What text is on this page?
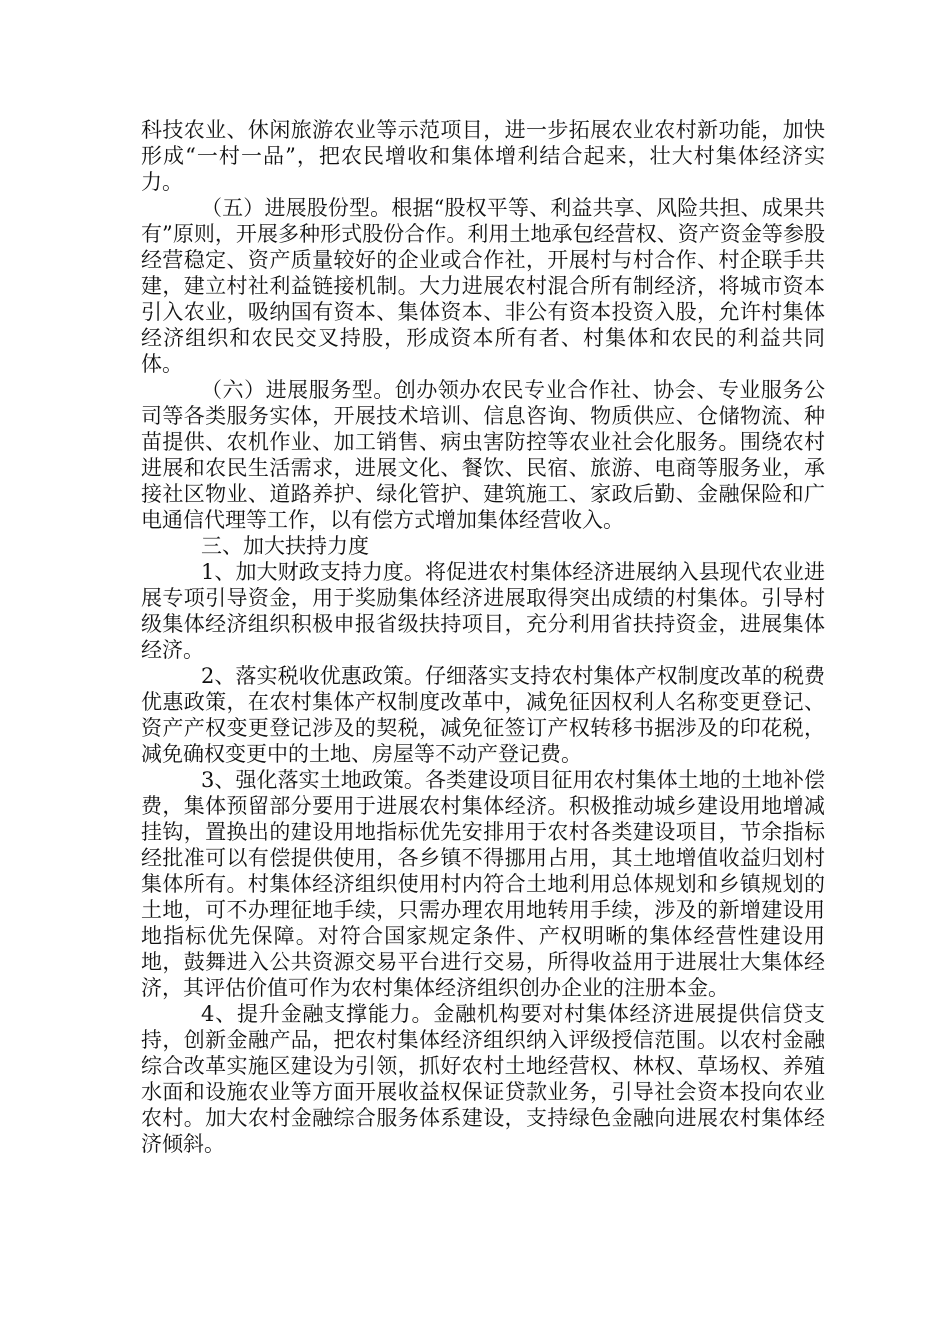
科技农业、休闲旅游农业等示范项目，进一步拓展农业农村新功能，加快形成“一村一品”，把农民增收和集体增利结合起来，壮大村集体经济实力。

（五）进展股份型。根据“股权平等、利益共享、风险共担、成果共有”原则，开展多种形式股份合作。利用土地承包经营权、资产资金等参股经营稳定、资产质量较好的企业或合作社，开展村与村合作、村企联手共建，建立村社利益链接机制。大力进展农村混合所有制经济，将城市资本引入农业，吸纳国有资本、集体资本、非公有资本投资入股，允许村集体经济组织和农民交叉持股，形成资本所有者、村集体和农民的利益共同体。

（六）进展服务型。创办领办农民专业合作社、协会、专业服务公司等各类服务实体，开展技术培训、信息咨询、物质供应、仓储物流、种苗提供、农机作业、加工销售、病虫害防控等农业社会化服务。围绕农村进展和农民生活需求，进展文化、餐饮、民宿、旅游、电商等服务业，承接社区物业、道路养护、绿化管护、建筑施工、家政后勤、金融保险和广电通信代理等工作，以有偿方式增加集体经营收入。

三、加大扶持力度

1、加大财政支持力度。将促进农村集体经济进展纳入县现代农业进展专项引导资金，用于奖励集体经济进展取得突出成绩的村集体。引导村级集体经济组织积极申报省级扶持项目，充分利用省扶持资金，进展集体经济。

2、落实税收优惠政策。仔细落实支持农村集体产权制度改革的税费优惠政策，在农村集体产权制度改革中，减免征因权利人名称变更登记、资产产权变更登记涉及的契税，减免征签订产权转移书据涉及的印花税，减免确权变更中的土地、房屋等不动产登记费。

3、强化落实土地政策。各类建设项目征用农村集体土地的土地补偿费，集体预留部分要用于进展农村集体经济。积极推动城乡建设用地增减挂钩，置换出的建设用地指标优先安排用于农村各类建设项目，节余指标经批准可以有偿提供使用，各乡镇不得挪用占用，其土地增值收益归划村集体所有。村集体经济组织使用村内符合土地利用总体规划和乡镇规划的土地，可不办理征地手续，只需办理农用地转用手续，涉及的新增建设用地指标优先保障。对符合国家规定条件、产权明晰的集体经营性建设用地，鼓舞进入公共资源交易平台进行交易，所得收益用于进展壮大集体经济，其评估价值可作为农村集体经济组织创办企业的注册本金。

4、提升金融支撑能力。金融机构要对村集体经济进展提供信贷支持，创新金融产品，把农村集体经济组织纳入评级授信范围。以农村金融综合改革实施区建设为引领，抓好农村土地经营权、林权、草场权、养殖水面和设施农业等方面开展收益权保证贷款业务，引导社会资本投向农业农村。加大农村金融综合服务体系建设，支持绿色金融向进展农村集体经济倾斜。
